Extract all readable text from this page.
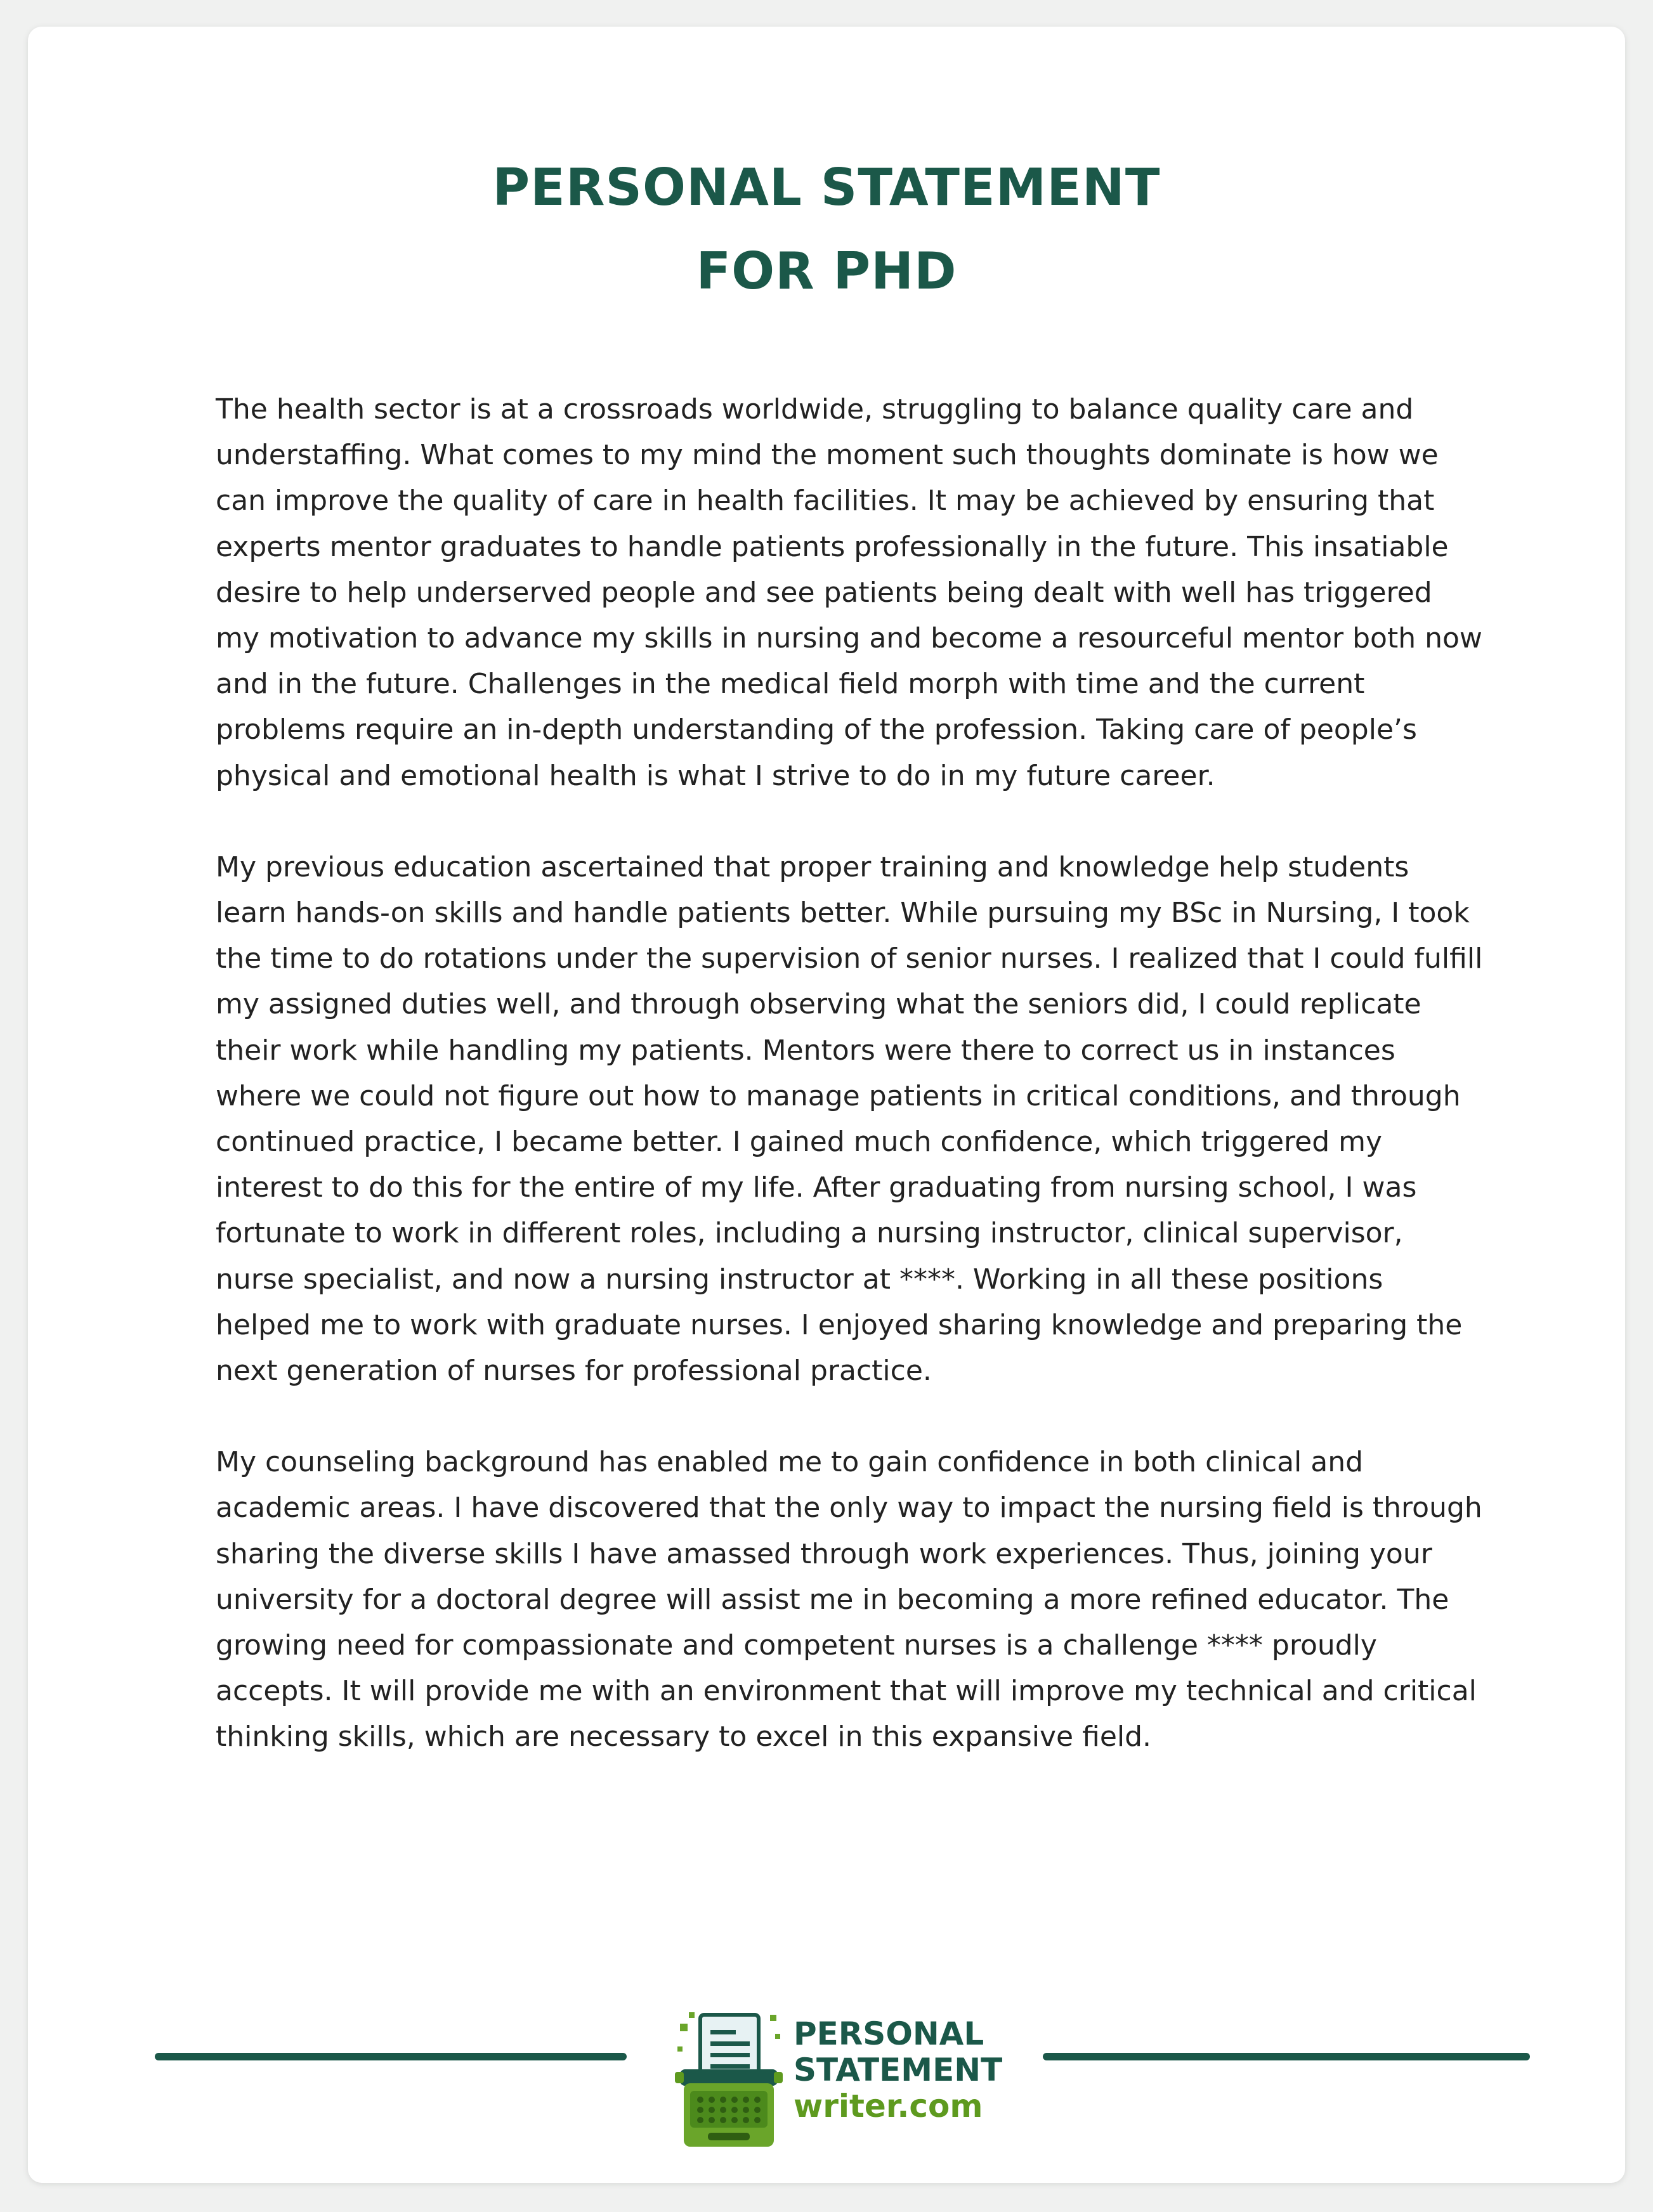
PERSONAL STATEMENT
FOR PHD
The health sector is at a crossroads worldwide, struggling to balance quality care and
understaffing. What comes to my mind the moment such thoughts dominate is how we
can improve the quality of care in health facilities. It may be achieved by ensuring that
experts mentor graduates to handle patients professionally in the future. This insatiable
desire to help underserved people and see patients being dealt with well has triggered
my motivation to advance my skills in nursing and become a resourceful mentor both now
and in the future. Challenges in the medical field morph with time and the current
problems require an in-depth understanding of the profession. Taking care of people’s
physical and emotional health is what I strive to do in my future career.
My previous education ascertained that proper training and knowledge help students
learn hands-on skills and handle patients better. While pursuing my BSc in Nursing, I took
the time to do rotations under the supervision of senior nurses. I realized that I could fulfill
my assigned duties well, and through observing what the seniors did, I could replicate
their work while handling my patients. Mentors were there to correct us in instances
where we could not figure out how to manage patients in critical conditions, and through
continued practice, I became better. I gained much confidence, which triggered my
interest to do this for the entire of my life. After graduating from nursing school, I was
fortunate to work in different roles, including a nursing instructor, clinical supervisor,
nurse specialist, and now a nursing instructor at ****. Working in all these positions
helped me to work with graduate nurses. I enjoyed sharing knowledge and preparing the
next generation of nurses for professional practice.
My counseling background has enabled me to gain confidence in both clinical and
academic areas. I have discovered that the only way to impact the nursing field is through
sharing the diverse skills I have amassed through work experiences. Thus, joining your
university for a doctoral degree will assist me in becoming a more refined educator. The
growing need for compassionate and competent nurses is a challenge **** proudly
accepts. It will provide me with an environment that will improve my technical and critical
thinking skills, which are necessary to excel in this expansive field.
PERSONAL
STATEMENT
writer.com
